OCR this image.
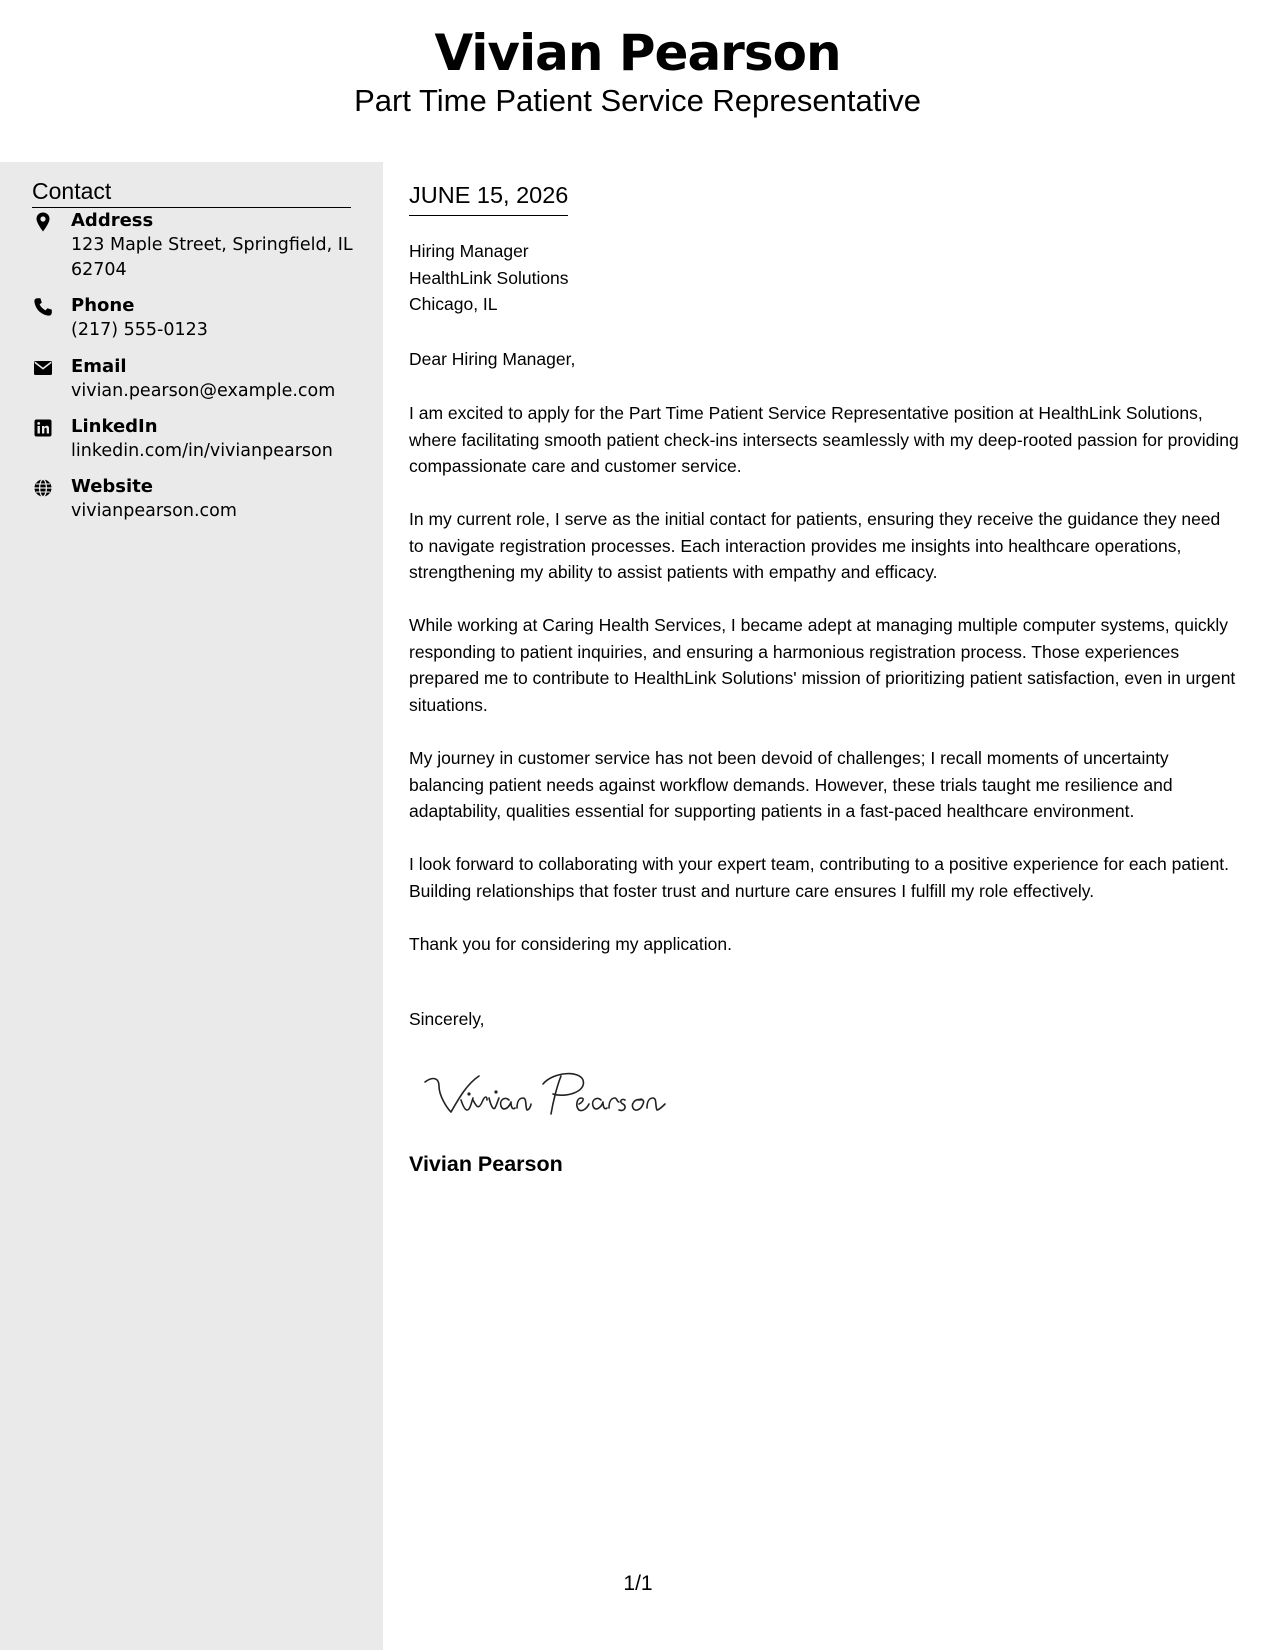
Vivian Pearson
Part Time Patient Service Representative
Contact
Address
123 Maple Street, Springfield, IL 62704
Phone
(217) 555-0123
Email
vivian.pearson@example.com
LinkedIn
linkedin.com/in/vivianpearson
Website
vivianpearson.com
JUNE 15, 2026
Hiring Manager
HealthLink Solutions
Chicago, IL
Dear Hiring Manager,
I am excited to apply for the Part Time Patient Service Representative position at HealthLink Solutions, where facilitating smooth patient check-ins intersects seamlessly with my deep-rooted passion for providing compassionate care and customer service.
In my current role, I serve as the initial contact for patients, ensuring they receive the guidance they need to navigate registration processes. Each interaction provides me insights into healthcare operations, strengthening my ability to assist patients with empathy and efficacy.
While working at Caring Health Services, I became adept at managing multiple computer systems, quickly responding to patient inquiries, and ensuring a harmonious registration process. Those experiences prepared me to contribute to HealthLink Solutions' mission of prioritizing patient satisfaction, even in urgent situations.
My journey in customer service has not been devoid of challenges; I recall moments of uncertainty balancing patient needs against workflow demands. However, these trials taught me resilience and adaptability, qualities essential for supporting patients in a fast-paced healthcare environment.
I look forward to collaborating with your expert team, contributing to a positive experience for each patient. Building relationships that foster trust and nurture care ensures I fulfill my role effectively.
Thank you for considering my application.
Sincerely,
Vivian Pearson
1/1
